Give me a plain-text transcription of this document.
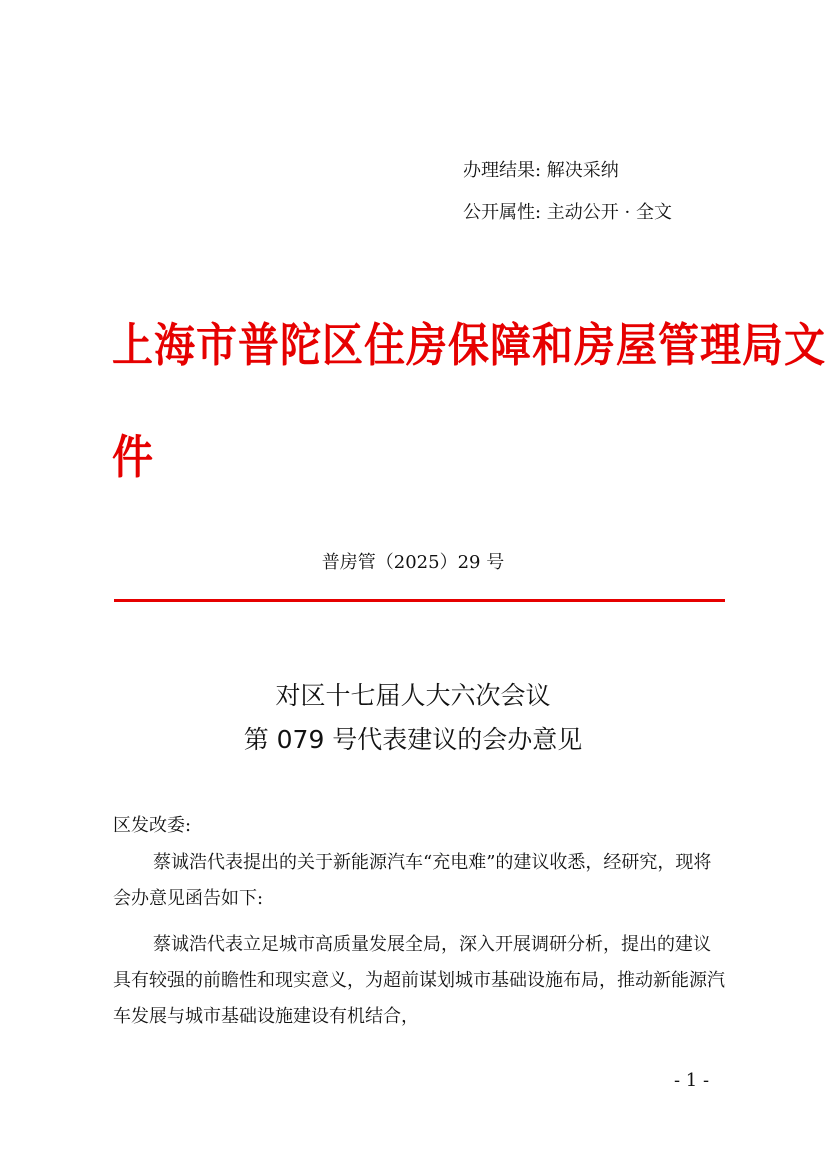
办理结果: 解决采纳
公开属性: 主动公开 · 全文
上海市普陀区住房保障和房屋管理局文
件
普房管（2025）29 号
对区十七届人大六次会议
第 079 号代表建议的会办意见
区发改委:

蔡诚浩代表提出的关于新能源汽车“充电难”的建议收悉，经研究，现将会办意见函告如下:

蔡诚浩代表立足城市高质量发展全局，深入开展调研分析，提出的建议具有较强的前瞻性和现实意义，为超前谋划城市基础设施布局，推动新能源汽车发展与城市基础设施建设有机结合，

- 1 -
